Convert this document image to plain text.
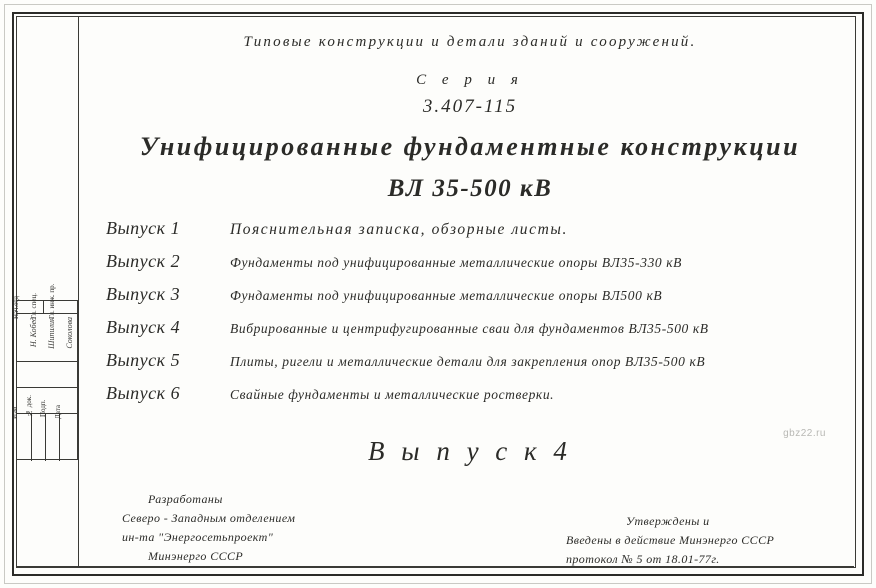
Изм № док. Подп. Дата
Нач.отд Гл. спец. Гл. инж. пр.
Н. Кобед Шипилин Соколова
Типовые конструкции и детали зданий и сооружений.
С е р и я
3.407-115
Унифицированные фундаментные конструкции
ВЛ 35-500 кВ
Выпуск 1	Пояснительная записка, обзорные листы.
Выпуск 2	Фундаменты под унифицированные металлические опоры ВЛ35-330 кВ
Выпуск 3	Фундаменты под унифицированные металлические опоры ВЛ500 кВ
Выпуск 4	Вибрированные и центрифугированные сваи для фундаментов ВЛ35-500 кВ
Выпуск 5	Плиты, ригели и металлические детали для закрепления опор ВЛ35-500 кВ
Выпуск 6	Свайные фундаменты и металлические ростверки.
В ы п у с к 4
Разработаны
Северо - Западным отделением
ин-та "Энергосетьпроект"
Минэнерго СССР
Утверждены и
Введены в действие Минэнерго СССР
протокол № 5 от 18.01-77г.
gbz22.ru
